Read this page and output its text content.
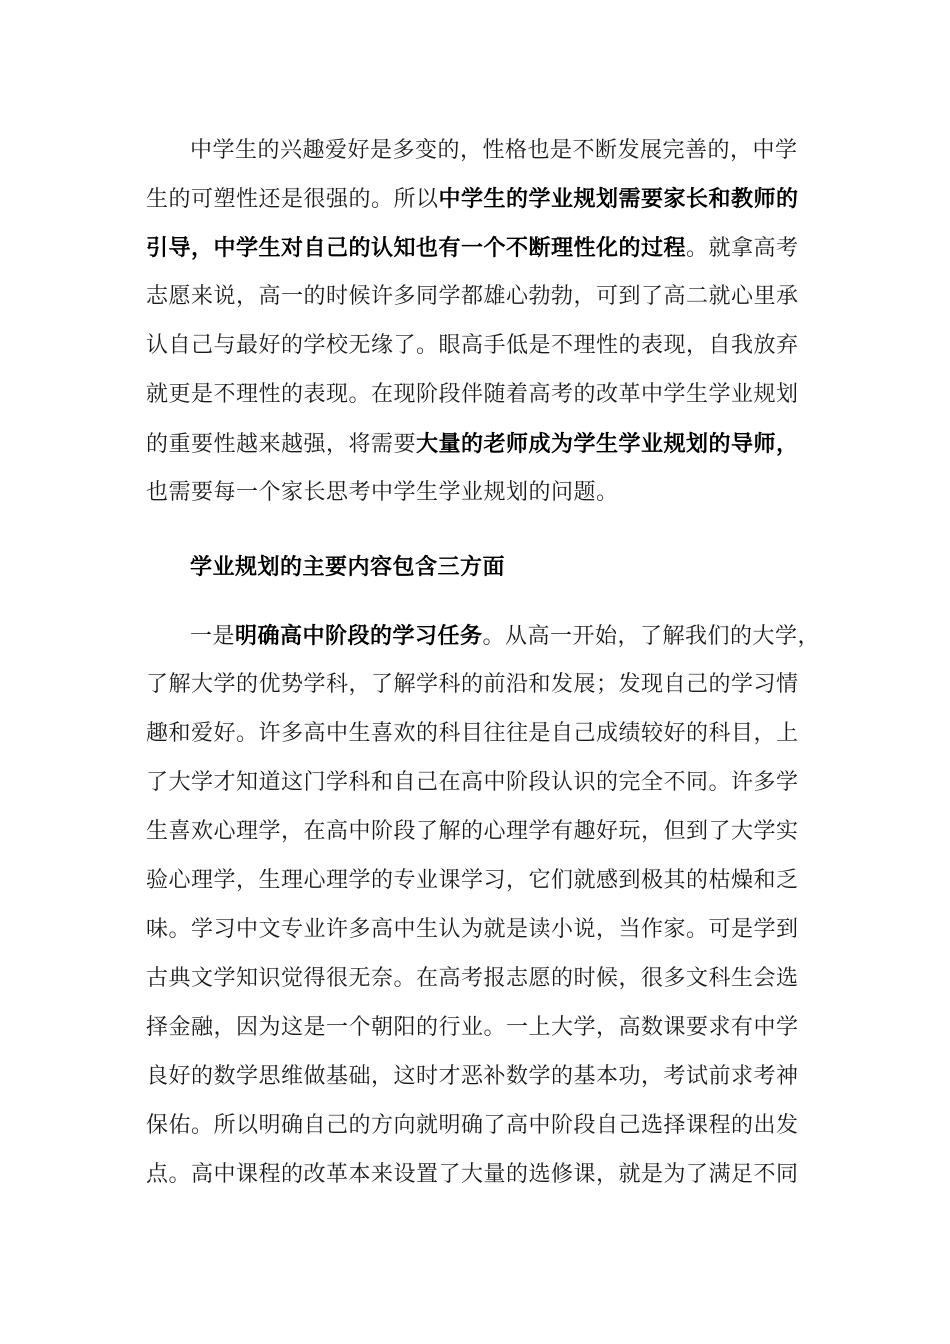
中学生的兴趣爱好是多变的，性格也是不断发展完善的，中学
生的可塑性还是很强的。所以中学生的学业规划需要家长和教师的
引导，中学生对自己的认知也有一个不断理性化的过程。就拿高考
志愿来说，高一的时候许多同学都雄心勃勃，可到了高二就心里承
认自己与最好的学校无缘了。眼高手低是不理性的表现，自我放弃
就更是不理性的表现。在现阶段伴随着高考的改革中学生学业规划
的重要性越来越强，将需要大量的老师成为学生学业规划的导师，
也需要每一个家长思考中学生学业规划的问题。
学业规划的主要内容包含三方面
一是明确高中阶段的学习任务。从高一开始，了解我们的大学，
了解大学的优势学科，了解学科的前沿和发展；发现自己的学习情
趣和爱好。许多高中生喜欢的科目往往是自己成绩较好的科目，上
了大学才知道这门学科和自己在高中阶段认识的完全不同。许多学
生喜欢心理学，在高中阶段了解的心理学有趣好玩，但到了大学实
验心理学，生理心理学的专业课学习，它们就感到极其的枯燥和乏
味。学习中文专业许多高中生认为就是读小说，当作家。可是学到
古典文学知识觉得很无奈。在高考报志愿的时候，很多文科生会选
择金融，因为这是一个朝阳的行业。一上大学，高数课要求有中学
良好的数学思维做基础，这时才恶补数学的基本功，考试前求考神
保佑。所以明确自己的方向就明确了高中阶段自己选择课程的出发
点。高中课程的改革本来设置了大量的选修课，就是为了满足不同
